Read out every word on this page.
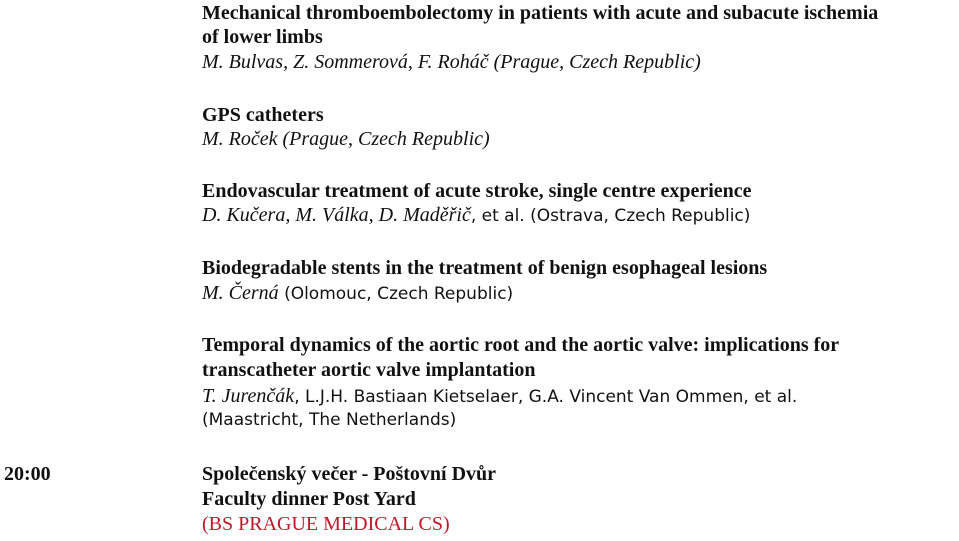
Mechanical thromboembolectomy in patients with acute and subacute ischemia
of lower limbs
M. Bulvas, Z. Sommerová, F. Roháč (Prague, Czech Republic)
GPS catheters
M. Roček (Prague, Czech Republic)
Endovascular treatment of acute stroke, single centre experience
D. Kučera, M. Válka, D. Maděřič, et al. (Ostrava, Czech Republic)
Biodegradable stents in the treatment of benign esophageal lesions
M. Černá (Olomouc, Czech Republic)
Temporal dynamics of the aortic root and the aortic valve: implications for
transcatheter aortic valve implantation
T. Jurenčák, L.J.H. Bastiaan Kietselaer, G.A. Vincent Van Ommen, et al.
(Maastricht, The Netherlands)
20:00	Společenský večer - Poštovní Dvůr
Faculty dinner Post Yard
(BS PRAGUE MEDICAL CS)
